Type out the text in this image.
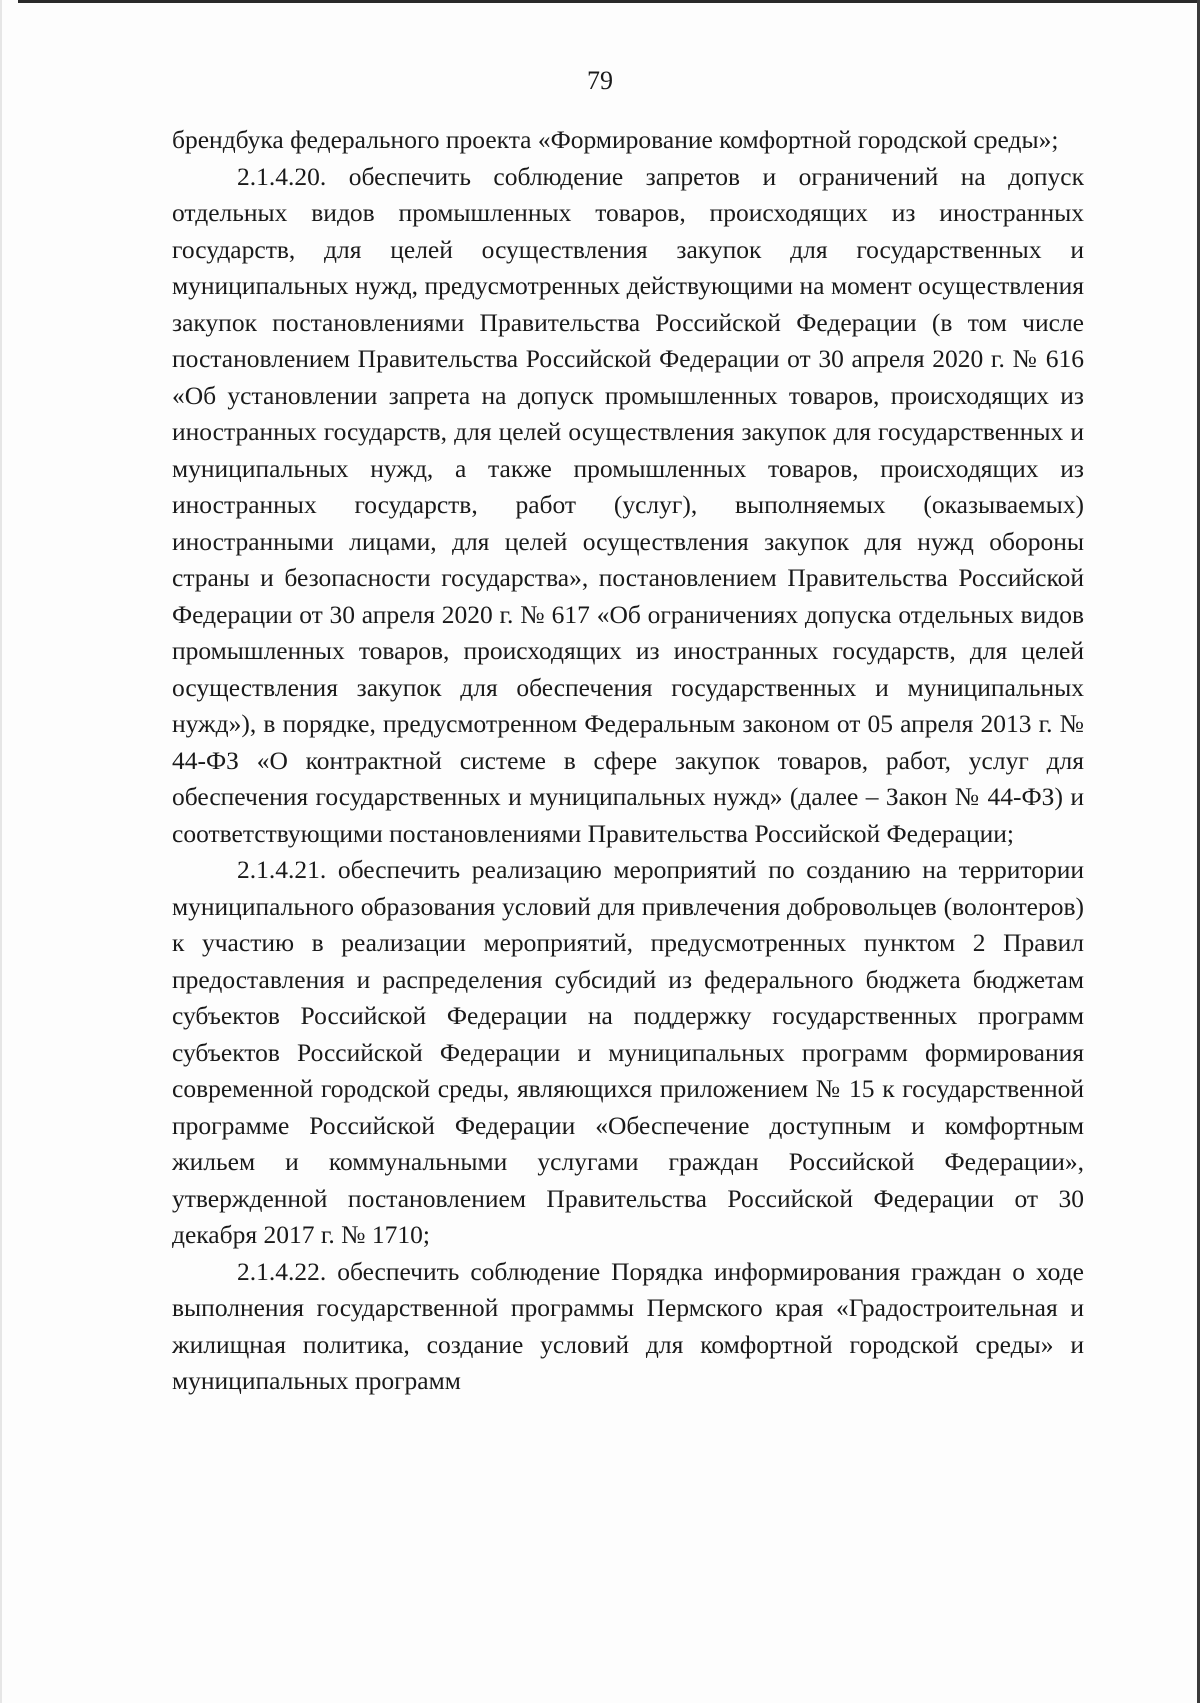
79

брендбука федерального проекта «Формирование комфортной городской среды»;

2.1.4.20. обеспечить соблюдение запретов и ограничений на допуск отдельных видов промышленных товаров, происходящих из иностранных государств, для целей осуществления закупок для государственных и муниципальных нужд, предусмотренных действующими на момент осуществления закупок постановлениями Правительства Российской Федерации (в том числе постановлением Правительства Российской Федерации от 30 апреля 2020 г. № 616 «Об установлении запрета на допуск промышленных товаров, происходящих из иностранных государств, для целей осуществления закупок для государственных и муниципальных нужд, а также промышленных товаров, происходящих из иностранных государств, работ (услуг), выполняемых (оказываемых) иностранными лицами, для целей осуществления закупок для нужд обороны страны и безопасности государства», постановлением Правительства Российской Федерации от 30 апреля 2020 г. № 617 «Об ограничениях допуска отдельных видов промышленных товаров, происходящих из иностранных государств, для целей осуществления закупок для обеспечения государственных и муниципальных нужд»), в порядке, предусмотренном Федеральным законом от 05 апреля 2013 г. № 44-ФЗ «О контрактной системе в сфере закупок товаров, работ, услуг для обеспечения государственных и муниципальных нужд» (далее – Закон № 44-ФЗ) и соответствующими постановлениями Правительства Российской Федерации;

2.1.4.21. обеспечить реализацию мероприятий по созданию на территории муниципального образования условий для привлечения добровольцев (волонтеров) к участию в реализации мероприятий, предусмотренных пунктом 2 Правил предоставления и распределения субсидий из федерального бюджета бюджетам субъектов Российской Федерации на поддержку государственных программ субъектов Российской Федерации и муниципальных программ формирования современной городской среды, являющихся приложением № 15 к государственной программе Российской Федерации «Обеспечение доступным и комфортным жильем и коммунальными услугами граждан Российской Федерации», утвержденной постановлением Правительства Российской Федерации от 30 декабря 2017 г. № 1710;

2.1.4.22. обеспечить соблюдение Порядка информирования граждан о ходе выполнения государственной программы Пермского края «Градостроительная и жилищная политика, создание условий для комфортной городской среды» и муниципальных программ
